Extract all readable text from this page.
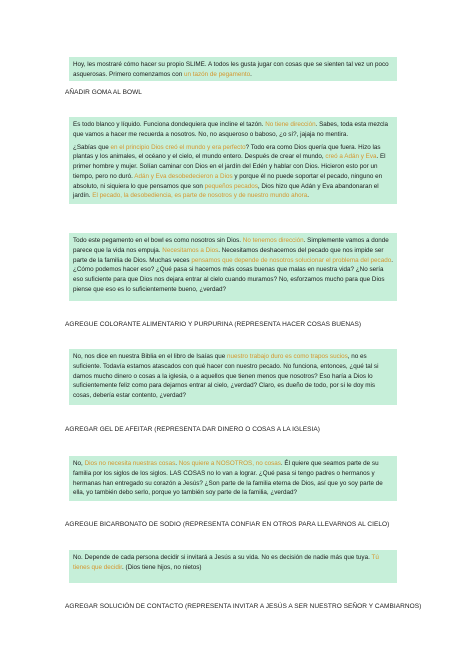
Hoy, les mostraré cómo hacer su propio SLIME. A todos les gusta jugar con cosas que se sienten tal vez un poco asquerosas. Primero comenzamos con un tazón de pegamento.

AÑADIR GOMA AL BOWL

Es todo blanco y líquido. Funciona dondequiera que incline el tazón. No tiene dirección. Sabes, toda esta mezcla que vamos a hacer me recuerda a nosotros. No, no asqueroso o baboso, ¿o sí?, jajaja no mentira.

¿Sabías que en el principio Dios creó el mundo y era perfecto? Todo era como Dios quería que fuera. Hizo las plantas y los animales, el océano y el cielo, el mundo entero. Después de crear el mundo, creó a Adán y Eva. El primer hombre y mujer. Solían caminar con Dios en el jardín del Edén y hablar con Dios. Hicieron esto por un tiempo, pero no duró. Adán y Eva desobedecieron a Dios y porque él no puede soportar el pecado, ninguno en absoluto, ni siquiera lo que pensamos que son pequeños pecados, Dios hizo que Adán y Eva abandonaran el jardín. El pecado, la desobediencia, es parte de nosotros y de nuestro mundo ahora.

Todo este pegamento en el bowl es como nosotros sin Dios. No tenemos dirección. Simplemente vamos a donde parece que la vida nos empuja. Necesitamos a Dios. Necesitamos deshacernos del pecado que nos impide ser parte de la familia de Dios. Muchas veces pensamos que depende de nosotros solucionar el problema del pecado. ¿Cómo podemos hacer eso? ¿Qué pasa si hacemos más cosas buenas que malas en nuestra vida? ¿No sería eso suficiente para que Dios nos dejara entrar al cielo cuando muramos? No, esforzamos mucho para que Dios piense que eso es lo suficientemente bueno, ¿verdad?

AGREGUE COLORANTE ALIMENTARIO Y PURPURINA (REPRESENTA HACER COSAS BUENAS)

No, nos dice en nuestra Biblia en el libro de Isaías que nuestro trabajo duro es como trapos sucios, no es suficiente. Todavía estamos atascados con qué hacer con nuestro pecado. No funciona, entonces, ¿qué tal si damos mucho dinero o cosas a la iglesia, o a aquellos que tienen menos que nosotros? Eso haría a Dios lo suficientemente feliz como para dejarnos entrar al cielo, ¿verdad? Claro, es dueño de todo, por si le doy mis cosas, debería estar contento, ¿verdad?

AGREGAR GEL DE AFEITAR (REPRESENTA DAR DINERO O COSAS A LA IGLESIA)

No, Dios no necesita nuestras cosas. Nos quiere a NOSOTROS, no cosas. Él quiere que seamos parte de su familia por los siglos de los siglos. LAS COSAS no lo van a lograr. ¿Qué pasa si tengo padres o hermanos y hermanas han entregado su corazón a Jesús? ¿Son parte de la familia eterna de Dios, así que yo soy parte de ella, yo también debo serlo, porque yo también soy parte de la familia, ¿verdad?

AGREGUE BICARBONATO DE SODIO (REPRESENTA CONFIAR EN OTROS PARA LLEVARNOS AL CIELO)

No. Depende de cada persona decidir si invitará a Jesús a su vida. No es decisión de nadie más que tuya. Tú tienes que decidir. (Dios tiene hijos, no nietos)

AGREGAR SOLUCIÓN DE CONTACTO (REPRESENTA INVITAR A JESÚS A SER NUESTRO SEÑOR Y CAMBIARNOS)
